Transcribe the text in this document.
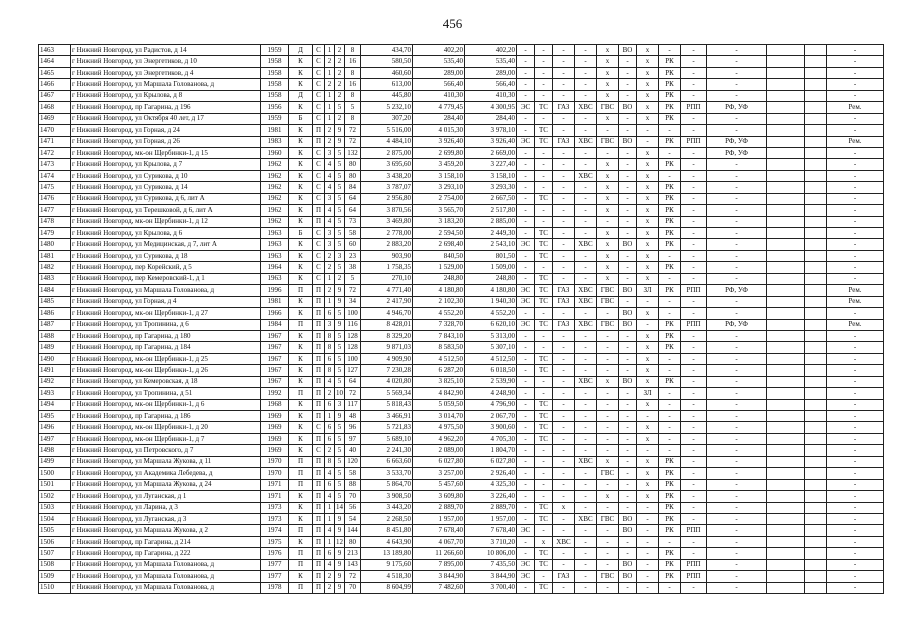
456
1463	г Нижний Новгород, ул Радистов, д 14	1959	Д	С	1	2	8	434,70	402,20	402,20	-	-	-	-	х	ВО	х	-	-	-			-
1464	г Нижний Новгород, ул Энергетиков, д 10	1958	К	С	2	2	16	580,50	535,40	535,40	-	-	-	-	х	-	х	РК	-	-			-
1465	г Нижний Новгород, ул Энергетиков, д 4	1958	К	С	1	2	8	460,60	289,00	289,00	-	-	-	-	х	-	х	РК	-	-			-
1466	г Нижний Новгород, ул Маршала Голованова, д	1958	К	С	2	2	16	613,00	566,40	566,40	-	-	-	-	х	-	х	РК	-	-			-
1467	г Нижний Новгород, ул Крылова, д 8	1958	Д	С	1	2	8	445,80	410,30	410,30	-	-	-	-	х	-	х	РК	-	-			-
1468	г Нижний Новгород, пр Гагарина, д 196	1956	К	С	1	5	5	5 232,10	4 779,45	4 300,95	ЭС	ТС	ГАЗ	ХВС	ГВС	ВО	х	РК	РПП	РФ, УФ			Рем.
1469	г Нижний Новгород, ул Октября 40 лет, д 17	1959	Б	С	1	2	8	307,20	284,40	284,40	-	-	-	-	х	-	х	РК	-	-			-
1470	г Нижний Новгород, ул Горная, д 24	1981	К	П	2	9	72	5 516,00	4 015,30	3 978,10	-	ТС	-	-	-	-	-	-	-	-			-
1471	г Нижний Новгород, ул Горная, д 26	1983	К	П	2	9	72	4 484,10	3 926,40	3 926,40	ЭС	ТС	ГАЗ	ХВС	ГВС	ВО	-	РК	РПП	РФ, УФ			Рем.
1472	г Нижний Новгород, мк-он Щербинки-1, д 15	1960	К	С	3	5	132	2 875,00	2 699,80	2 669,00	-	-	-	-	-	-	х	-	-	РФ, УФ			-
1473	г Нижний Новгород, ул Крылова, д 7	1962	К	С	4	5	80	3 695,60	3 459,20	3 227,40	-	-	-	-	х	-	х	РК	-	-			-
1474	г Нижний Новгород, ул Сурикова, д 10	1962	К	С	4	5	80	3 438,20	3 158,10	3 158,10	-	-	-	ХВС	х	-	х	-	-	-			-
1475	г Нижний Новгород, ул Сурикова, д 14	1962	К	С	4	5	84	3 787,07	3 293,10	3 293,30	-	-	-	-	х	-	х	РК	-	-			-
1476	г Нижний Новгород, ул Сурикова, д 6, лит А	1962	К	С	3	5	64	2 956,80	2 754,00	2 667,50	-	ТС	-	-	х	-	х	РК	-	-			-
1477	г Нижний Новгород, ул Терешковой, д 6, лит А	1962	К	П	4	5	64	3 870,56	3 565,70	2 517,80	-	-	-	-	х	-	х	РК	-	-			-
1478	г Нижний Новгород, мк-он Щербинки-1, д 12	1962	К	П	4	5	73	3 469,80	3 183,20	2 885,00	-	-	-	-	-	-	х	РК	-	-			-
1479	г Нижний Новгород, ул Крылова, д 6	1963	Б	С	3	5	58	2 778,00	2 594,50	2 449,30	-	ТС	-	-	х	-	х	РК	-	-			-
1480	г Нижний Новгород, ул Медицинская, д 7, лит А	1963	К	С	3	5	60	2 883,20	2 698,40	2 543,10	ЭС	ТС	-	ХВС	х	ВО	х	РК	-	-			-
1481	г Нижний Новгород, ул Сурикова, д 18	1963	К	С	2	3	23	903,90	840,50	801,50	-	ТС	-	-	х	-	х	-	-	-			-
1482	г Нижний Новгород, пер Корейский, д 5	1964	К	С	2	5	38	1 758,35	1 529,00	1 509,00	-	-	-	-	х	-	х	РК	-	-			-
1483	г Нижний Новгород, пер Кемеровский-1, д 1	1963	К	С	1	2	5	270,10	248,80	248,80	-	ТС	-	-	х	-	х	-	-	-			-
1484	г Нижний Новгород, ул Маршала Голованова, д	1996	П	П	2	9	72	4 771,40	4 180,80	4 180,80	ЭС	ТС	ГАЗ	ХВС	ГВС	ВО	ЗЛ	РК	РПП	РФ, УФ			Рем.
1485	г Нижний Новгород, ул Горная, д 4	1981	К	П	1	9	34	2 417,90	2 102,30	1 940,30	ЭС	ТС	ГАЗ	ХВС	ГВС	-	-	-	-	-			Рем.
1486	г Нижний Новгород, мк-он Щербинки-1, д 27	1966	К	П	6	5	100	4 946,70	4 552,20	4 552,20	-	-	-	-	-	ВО	х	-	-	-			-
1487	г Нижний Новгород, ул Тропинина, д 6	1984	П	П	3	9	116	8 428,01	7 328,70	6 620,10	ЭС	ТС	ГАЗ	ХВС	ГВС	ВО	-	РК	РПП	РФ, УФ			Рем.
1488	г Нижний Новгород, пр Гагарина, д 180	1967	К	П	8	5	128	8 329,20	7 843,10	5 313,00	-	-	-	-	-	-	х	РК	-	-			-
1489	г Нижний Новгород, пр Гагарина, д 184	1967	К	П	8	5	128	9 871,03	8 583,50	5 307,10	-	-	-	-	-	-	х	РК	-	-			-
1490	г Нижний Новгород, мк-он Щербинки-1, д 25	1967	К	П	6	5	100	4 909,90	4 512,50	4 512,50	-	ТС	-	-	-	-	х	-	-	-			-
1491	г Нижний Новгород, мк-он Щербинки-1, д 26	1967	К	П	8	5	127	7 230,28	6 287,20	6 018,50	-	ТС	-	-	-	-	х	-	-	-			-
1492	г Нижний Новгород, ул Кемеровская, д 18	1967	К	П	4	5	64	4 020,80	3 825,10	2 539,90	-	-	-	ХВС	х	ВО	х	РК	-	-			-
1493	г Нижний Новгород, ул Тропинина, д 51	1992	П	П	2	10	72	5 569,34	4 842,90	4 248,90	-	-	-	-	-	-	ЗЛ	-	-	-			-
1494	г Нижний Новгород, мк-он Щербинки-1, д 6	1968	К	П	6	3	117	5 818,43	5 059,50	4 796,90	-	ТС	-	-	-	-	х	-	-	-			-
1495	г Нижний Новгород, пр Гагарина, д 186	1969	К	П	1	9	48	3 466,91	3 014,70	2 067,70	-	ТС	-	-	-	-	-	-	-	-			-
1496	г Нижний Новгород, мк-он Щербинки-1, д 20	1969	К	С	6	5	96	5 721,83	4 975,50	3 900,60	-	ТС	-	-	-	-	х	-	-	-			-
1497	г Нижний Новгород, мк-он Щербинки-1, д 7	1969	К	П	6	5	97	5 689,10	4 962,20	4 705,30	-	ТС	-	-	-	-	х	-	-	-			-
1498	г Нижний Новгород, ул Петровского, д 7	1969	К	С	2	5	40	2 241,30	2 089,00	1 804,70	-	-	-	-	-	-	-	-	-	-			-
1499	г Нижний Новгород, ул Маршала Жукова, д 11	1970	П	П	8	5	120	6 663,60	6 027,80	6 027,80	-	-	-	ХВС	х	-	х	РК	-	-			-
1500	г Нижний Новгород, ул Академика Лебедева, д	1970	П	П	4	5	58	3 533,70	3 257,00	2 926,40	-	-	-	-	ГВС	-	х	РК	-	-			-
1501	г Нижний Новгород, ул Маршала Жукова, д 24	1971	П	П	6	5	88	5 864,70	5 457,60	4 325,30	-	-	-	-	-	-	х	РК	-	-			-
1502	г Нижний Новгород, ул Луганская, д 1	1971	К	П	4	5	70	3 908,50	3 609,80	3 226,40	-	-	-	-	х	-	х	РК	-	-			-
1503	г Нижний Новгород, ул Ларина, д 3	1973	К	П	1	14	56	3 443,20	2 889,70	2 889,70	-	ТС	х	-	-	-	-	РК	-	-			-
1504	г Нижний Новгород, ул Луганская, д 3	1973	К	П	1	9	54	2 268,50	1 957,00	1 957,00	-	ТС	-	ХВС	ГВС	ВО	-	РК	-	-			-
1505	г Нижний Новгород, ул Маршала Жукова, д 2	1974	П	П	4	9	144	8 451,80	7 678,40	7 678,40	ЭС	-	-	-	-	ВО	-	РК	РПП	-			-
1506	г Нижний Новгород, пр Гагарина, д 214	1975	К	П	1	12	80	4 643,90	4 067,70	3 710,20	-	х	ХВС	-	-	-	-	-	-	-			-
1507	г Нижний Новгород, пр Гагарина, д 222	1976	П	П	6	9	213	13 189,80	11 266,60	10 806,00	-	ТС	-	-	-	-	-	РК	-	-			-
1508	г Нижний Новгород, ул Маршала Голованова, д	1977	П	П	4	9	143	9 175,60	7 895,00	7 435,50	ЭС	ТС	-	-	-	ВО	-	РК	РПП	-			-
1509	г Нижний Новгород, ул Маршала Голованова, д	1977	К	П	2	9	72	4 518,30	3 844,90	3 844,90	ЭС	-	ГАЗ	-	ГВС	ВО	-	РК	РПП	-			-
1510	г Нижний Новгород, ул Маршала Голованова, д	1978	П	П	2	9	70	8 604,99	7 482,60	3 700,40	-	ТС	-	-	-	-	-	-	-	-			-
